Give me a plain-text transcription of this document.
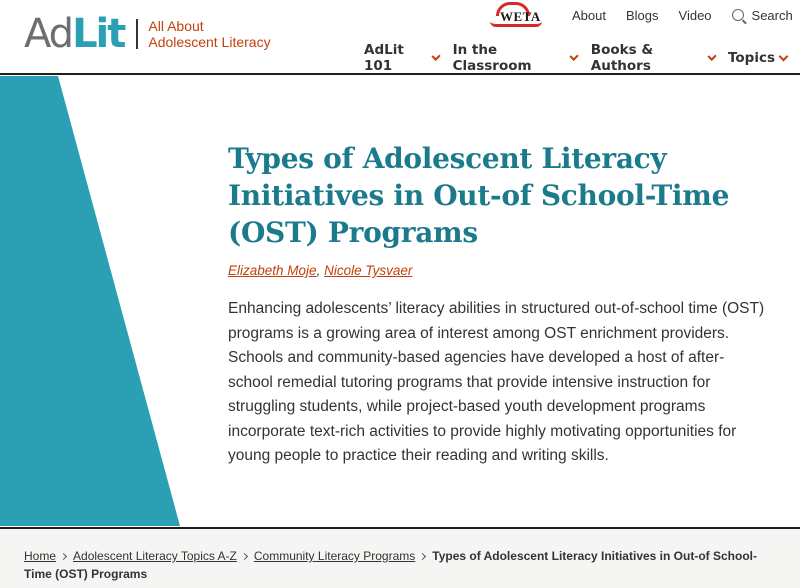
Ad Lit All About
Adolescent Literacy
WETA About Blogs Video	Search
AdLit 101
In the Classroom
Books & Authors	Topics
Types of Adolescent Literacy Initiatives in Out-of School-Time (OST) Programs
Elizabeth Moje, Nicole Tysvaer

Enhancing adolescents’ literacy abilities in structured out-of-school time (OST) programs is a growing area of interest among OST enrichment providers. Schools and community-based agencies have developed a host of after-school remedial tutoring programs that provide intensive instruction for struggling students, while project-based youth development programs incorporate text-rich activities to provide highly motivating opportunities for young people to practice their reading and writing skills.

Home Adolescent Literacy Topics A-Z Community Literacy Programs Types of Adolescent Literacy Initiatives in Out-of School-Time (OST) Programs
